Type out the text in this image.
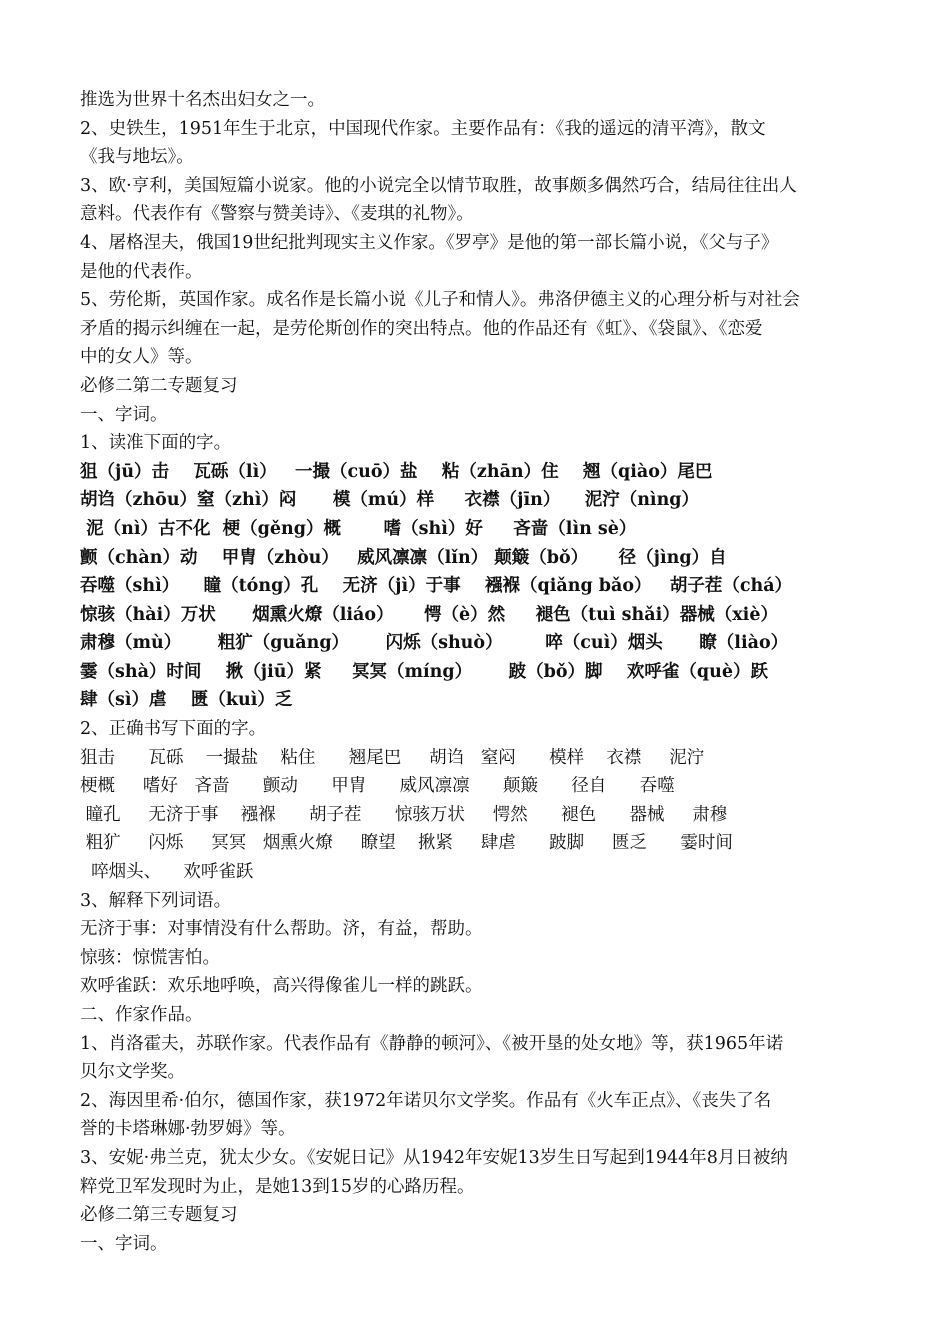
推选为世界十名杰出妇女之一。
2、史铁生，1951年生于北京，中国现代作家。主要作品有：《我的遥远的清平湾》，散文
《我与地坛》。
3、欧·亨利，美国短篇小说家。他的小说完全以情节取胜，故事颇多偶然巧合，结局往往出人
意料。代表作有《警察与赞美诗》、《麦琪的礼物》。
4、屠格涅夫，俄国19世纪批判现实主义作家。《罗亭》是他的第一部长篇小说，《父与子》
是他的代表作。
5、劳伦斯，英国作家。成名作是长篇小说《儿子和情人》。弗洛伊德主义的心理分析与对社会
矛盾的揭示纠缠在一起，是劳伦斯创作的突出特点。他的作品还有《虹》、《袋鼠》、《恋爱
中的女人》等。
必修二第二专题复习
一、字词。
1、读准下面的字。
狙（jū）击    瓦砾（lì）   一撮（cuō）盐    粘（zhān）住    翘（qiào）尾巴
胡诌（zhōu）窒（zhì）闷      模（mú）样     衣襟（jīn）    泥泞（nìng）
泥（nì）古不化  梗（gěng）概       嗜（shì）好     吝啬（lìn sè）
颤（chàn）动    甲胄（zhòu）   威风凛凛（lǐn） 颠簸（bǒ）     径（jìng）自
吞噬（shì）    瞳（tóng）孔    无济（jì）于事    襁褓（qiǎng bǎo）   胡子茬（chá）
惊骇（hài）万状      烟熏火燎（liáo）     愕（è）然     褪色（tuì shǎi）器械（xiè）
肃穆（mù）      粗犷（guǎng）      闪烁（shuò）       啐（cuì）烟头      瞭（liào）
霎（shà）时间    揪（jiū）紧     冥冥（míng）      跛（bǒ）脚    欢呼雀（què）跃
肆（sì）虐    匮（kuì）乏
2、正确书写下面的字。
狙击      瓦砾    一撮盐    粘住      翘尾巴     胡诌   窒闷      模样    衣襟     泥泞
梗概     嗜好   吝啬      颤动      甲胄      威风凛凛      颠簸      径自      吞噬
瞳孔     无济于事    襁褓      胡子茬      惊骇万状     愕然      褪色      器械     肃穆
粗犷     闪烁     冥冥   烟熏火燎     瞭望    揪紧     肆虐      跛脚     匮乏      霎时间
啐烟头、    欢呼雀跃
3、解释下列词语。
无济于事：对事情没有什么帮助。济，有益，帮助。
惊骇：惊慌害怕。
欢呼雀跃：欢乐地呼唤，高兴得像雀儿一样的跳跃。
二、作家作品。
1、肖洛霍夫，苏联作家。代表作品有《静静的顿河》、《被开垦的处女地》等，获1965年诺
贝尔文学奖。
2、海因里希·伯尔，德国作家，获1972年诺贝尔文学奖。作品有《火车正点》、《丧失了名
誉的卡塔琳娜·勃罗姆》等。
3、安妮·弗兰克，犹太少女。《安妮日记》从1942年安妮13岁生日写起到1944年8月日被纳
粹党卫军发现时为止，是她13到15岁的心路历程。
必修二第三专题复习
一、字词。
